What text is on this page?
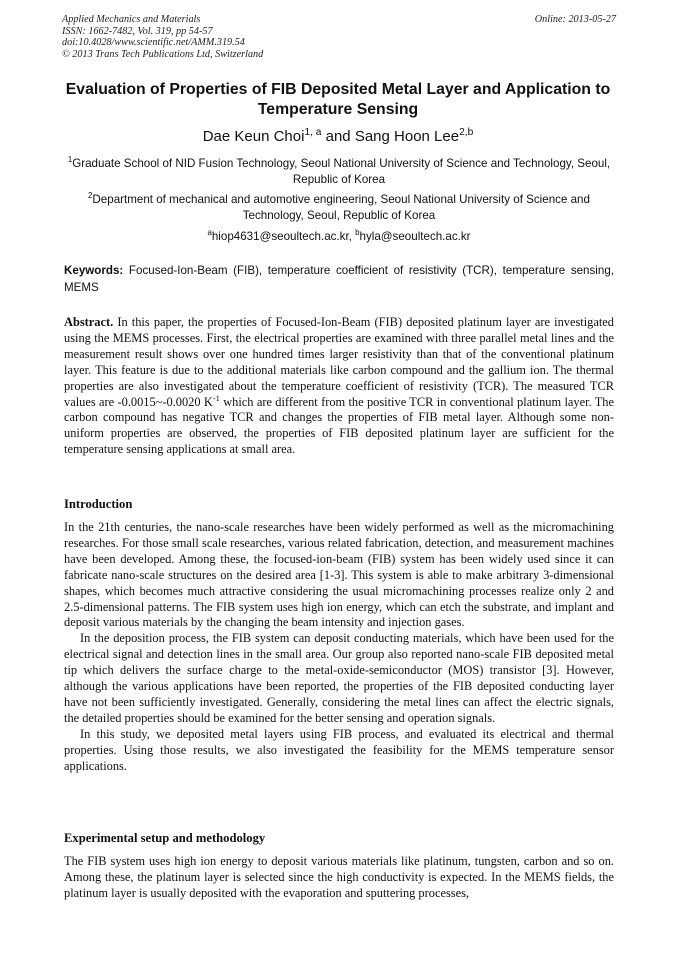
Applied Mechanics and Materials
ISSN: 1662-7482, Vol. 319, pp 54-57
doi:10.4028/www.scientific.net/AMM.319.54
© 2013 Trans Tech Publications Ltd, Switzerland
Online: 2013-05-27
Evaluation of Properties of FIB Deposited Metal Layer and Application to Temperature Sensing
Dae Keun Choi$^{1, a}$ and Sang Hoon Lee$^{2,b}$
$^1$Graduate School of NID Fusion Technology, Seoul National University of Science and Technology, Seoul, Republic of Korea
$^2$Department of mechanical and automotive engineering, Seoul National University of Science and Technology, Seoul, Republic of Korea
$^a$hiop4631@seoultech.ac.kr, $^b$hyla@seoultech.ac.kr
Keywords: Focused-Ion-Beam (FIB), temperature coefficient of resistivity (TCR), temperature sensing, MEMS
Abstract. In this paper, the properties of Focused-Ion-Beam (FIB) deposited platinum layer are investigated using the MEMS processes. First, the electrical properties are examined with three parallel metal lines and the measurement result shows over one hundred times larger resistivity than that of the conventional platinum layer. This feature is due to the additional materials like carbon compound and the gallium ion. The thermal properties are also investigated about the temperature coefficient of resistivity (TCR). The measured TCR values are -0.0015~-0.0020 $K^{-1}$ which are different from the positive TCR in conventional platinum layer. The carbon compound has negative TCR and changes the properties of FIB metal layer. Although some non-uniform properties are observed, the properties of FIB deposited platinum layer are sufficient for the temperature sensing applications at small area.
Introduction

In the 21th centuries, the nano-scale researches have been widely performed as well as the micromachining researches. For those small scale researches, various related fabrication, detection, and measurement machines have been developed. Among these, the focused-ion-beam (FIB) system has been widely used since it can fabricate nano-scale structures on the desired area [1-3]. This system is able to make arbitrary 3-dimensional shapes, which becomes much attractive considering the usual micromachining processes realize only 2 and 2.5-dimensional patterns. The FIB system uses high ion energy, which can etch the substrate, and implant and deposit various materials by the changing the beam intensity and injection gases.

In the deposition process, the FIB system can deposit conducting materials, which have been used for the electrical signal and detection lines in the small area. Our group also reported nano-scale FIB deposited metal tip which delivers the surface charge to the metal-oxide-semiconductor (MOS) transistor [3]. However, although the various applications have been reported, the properties of the FIB deposited conducting layer have not been sufficiently investigated. Generally, considering the metal lines can affect the electric signals, the detailed properties should be examined for the better sensing and operation signals.

In this study, we deposited metal layers using FIB process, and evaluated its electrical and thermal properties. Using those results, we also investigated the feasibility for the MEMS temperature sensor applications.

Experimental setup and methodology

The FIB system uses high ion energy to deposit various materials like platinum, tungsten, carbon and so on. Among these, the platinum layer is selected since the high conductivity is expected. In the MEMS fields, the platinum layer is usually deposited with the evaporation and sputtering processes,
